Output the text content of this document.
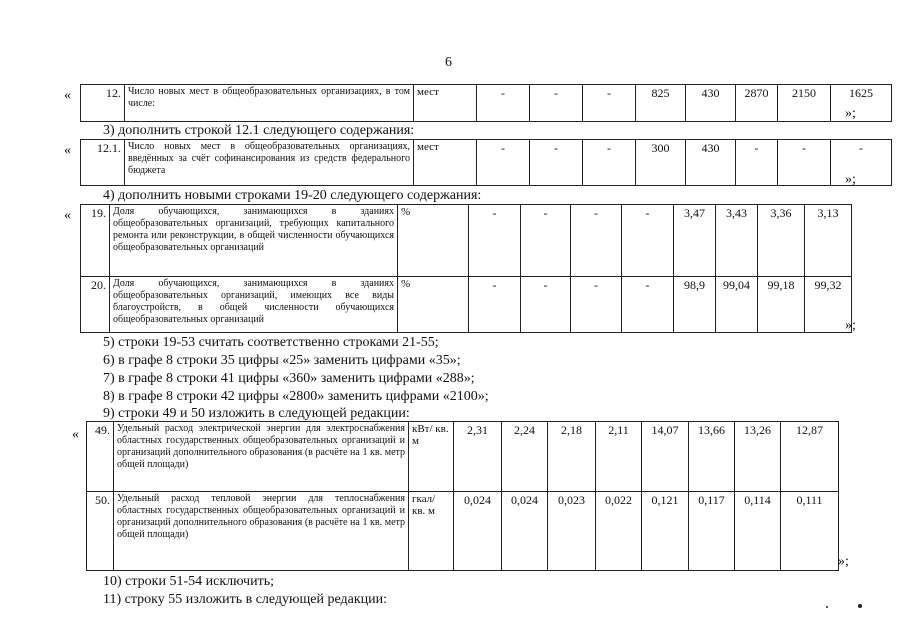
6
«	12.	Число новых мест в общеобразовательных организациях, в том числе:	мест	-	-	-	825	430	2870	2150	1625
»;
3) дополнить строкой 12.1 следующего содержания:
« 12.1.	Число новых мест в общеобразовательных организациях, введённых за счёт софинансирования из средств федерального бюджета	мест	-	-	-	300	430	-	-	-
»;
4) дополнить новыми строками 19-20 следующего содержания:
« 19.	Доля обучающихся, занимающихся в зданиях общеобразовательных организаций, требующих капитального ремонта или реконструкции, в общей численности обучающихся общеобразовательных организаций	%	-	-	-	-	3,47	3,43	3,36	3,13
20.	Доля обучающихся, занимающихся в зданиях общеобразовательных организаций, имеющих все виды благоустройств, в общей численности обучающихся общеобразовательных организаций	%	-	-	-	-	98,9	99,04	99,18	99,32
»;
5) строки 19-53 считать соответственно строками 21-55;
6) в графе 8 строки 35 цифры «25» заменить цифрами «35»;
7) в графе 8 строки 41 цифры «360» заменить цифрами «288»;
8) в графе 8 строки 42 цифры «2800» заменить цифрами «2100»;
9) строки 49 и 50 изложить в следующей редакции:
« 49.	Удельный расход электрической энергии для электроснабжения областных государственных общеобразовательных организаций и организаций дополнительного образования (в расчёте на 1 кв. метр общей площади)	кВт/ кв. м	2,31	2,24	2,18	2,11	14,07	13,66	13,26	12,87
50.	Удельный расход тепловой энергии для теплоснабжения областных государственных общеобразовательных организаций и организаций дополнительного образования (в расчёте на 1 кв. метр общей площади)	гкал/ кв. м	0,024	0,024	0,023	0,022	0,121	0,117	0,114	0,111
»;
10) строки 51-54 исключить;
11) строку 55 изложить в следующей редакции:
